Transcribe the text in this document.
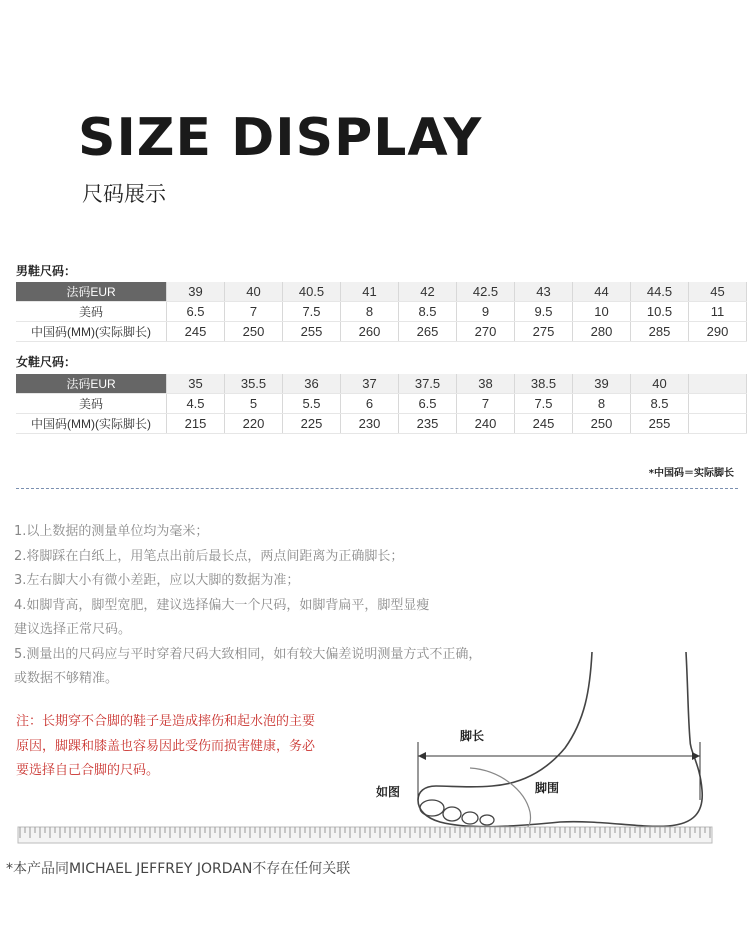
SIZE DISPLAY
尺码展示
男鞋尺码：
法码EUR	39	40	40.5	41	42	42.5	43	44	44.5	45
美码	6.5	7	7.5	8	8.5	9	9.5	10	10.5	11
中国码(MM)(实际脚长)	245	250	255	260	265	270	275	280	285	290
女鞋尺码：
法码EUR	35	35.5	36	37	37.5	38	38.5	39	40	
美码	4.5	5	5.5	6	6.5	7	7.5	8	8.5	
中国码(MM)(实际脚长)	215	220	225	230	235	240	245	250	255	
*中国码＝实际脚长
1.以上数据的测量单位均为毫米；
2.将脚踩在白纸上，用笔点出前后最长点，两点间距离为正确脚长；
3.左右脚大小有微小差距，应以大脚的数据为准；
4.如脚背高，脚型宽肥，建议选择偏大一个尺码，如脚背扁平，脚型显瘦
建议选择正常尺码。
5.测量出的尺码应与平时穿着尺码大致相同，如有较大偏差说明测量方式不正确，
或数据不够精准。
注：长期穿不合脚的鞋子是造成摔伤和起水泡的主要
原因，脚踝和膝盖也容易因此受伤而损害健康，务必
要选择自己合脚的尺码。
脚长
脚围
如图
*本产品同MICHAEL JEFFREY JORDAN不存在任何关联
